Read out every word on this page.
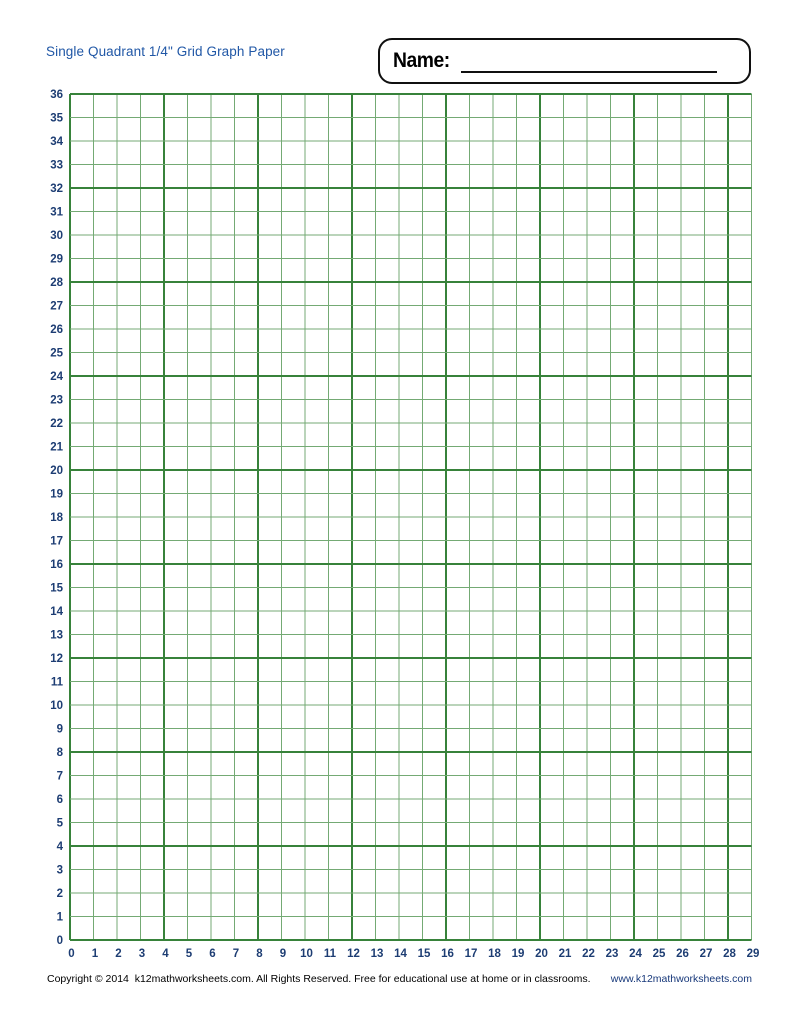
Single Quadrant 1/4" Grid Graph Paper	Name:
0
1
2
3
4
5
6
7
8
9
10
11
12
13
14
15
16
17
18
19
20
21
22
23
24
25
26
27
28
29
30
31
32
33
34
35
36
0 1 2 3 4 5 6 7 8 9 10 11 12 13 14 15 16 17 18 19 20 21 22 23 24 25 26 27 28 29
Copyright © 2014  k12mathworksheets.com. All Rights Reserved. Free for educational use at home or in classrooms. www.k12mathworksheets.com
